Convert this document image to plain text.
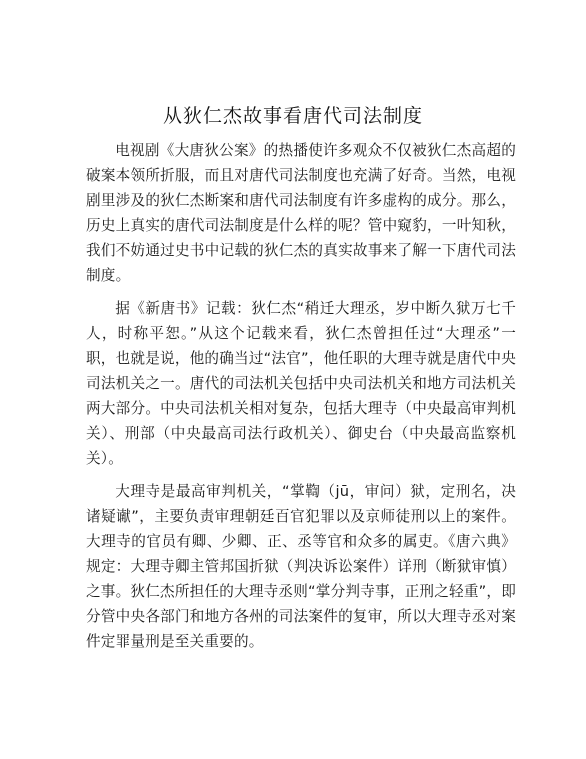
从狄仁杰故事看唐代司法制度

电视剧《大唐狄公案》的热播使许多观众不仅被狄仁杰高超的破案本领所折服，而且对唐代司法制度也充满了好奇。当然，电视剧里涉及的狄仁杰断案和唐代司法制度有许多虚构的成分。那么，历史上真实的唐代司法制度是什么样的呢？管中窥豹，一叶知秋，我们不妨通过史书中记载的狄仁杰的真实故事来了解一下唐代司法制度。

据《新唐书》记载：狄仁杰“稍迁大理丞，岁中断久狱万七千人，时称平恕。”从这个记载来看，狄仁杰曾担任过“大理丞”一职，也就是说，他的确当过“法官”，他任职的大理寺就是唐代中央司法机关之一。唐代的司法机关包括中央司法机关和地方司法机关两大部分。中央司法机关相对复杂，包括大理寺（中央最高审判机关）、刑部（中央最高司法行政机关）、御史台（中央最高监察机关）。

大理寺是最高审判机关，“掌鞫（jū，审问）狱，定刑名，决诸疑谳”，主要负责审理朝廷百官犯罪以及京师徒刑以上的案件。大理寺的官员有卿、少卿、正、丞等官和众多的属吏。《唐六典》规定：大理寺卿主管邦国折狱（判决诉讼案件）详刑（断狱审慎）之事。狄仁杰所担任的大理寺丞则“掌分判寺事，正刑之轻重”，即分管中央各部门和地方各州的司法案件的复审，所以大理寺丞对案件定罪量刑是至关重要的。
